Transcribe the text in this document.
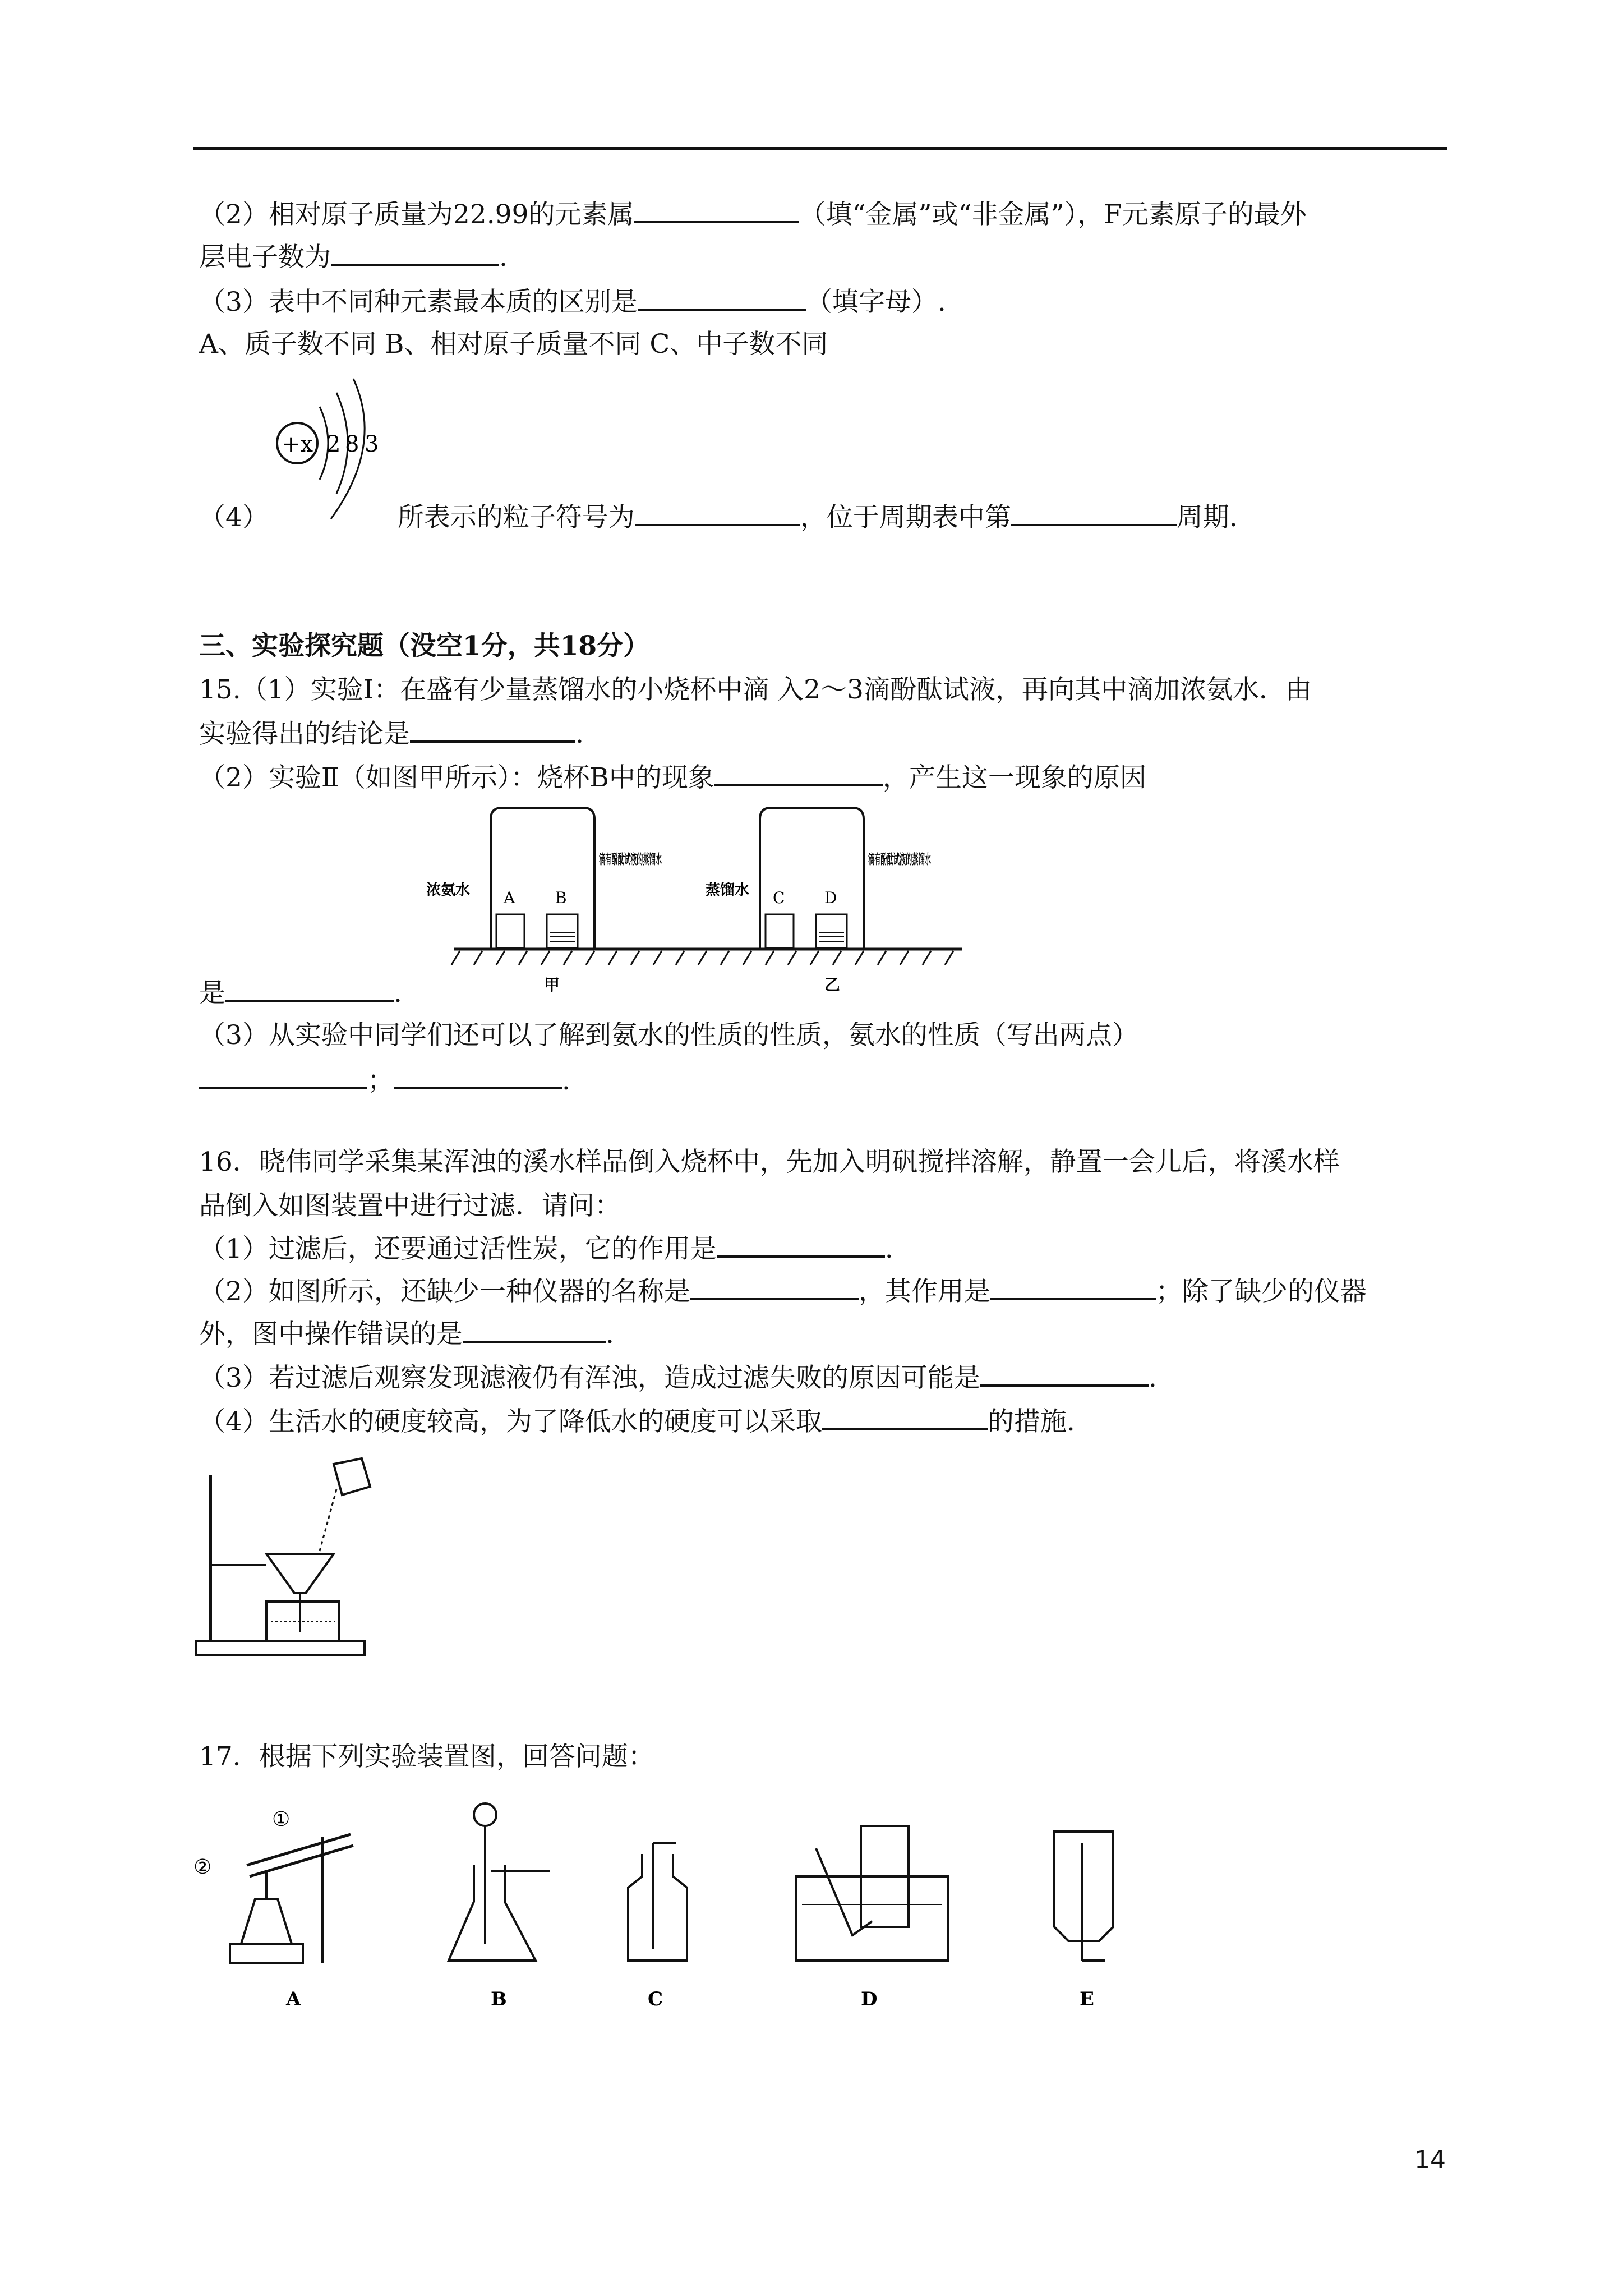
（2）相对原子质量为22.99的元素属	（填“金属”或“非金属”），F元素原子的最外
层电子数为	.
（3）表中不同种元素最本质的区别是	（填字母）.
A、质子数不同 B、相对原子质量不同 C、中子数不同
+x 2 8 3
（4）	所表示的粒子符号为	，位于周期表中第	周期.
三、实验探究题（没空1分，共18分）
15.（1）实验Ⅰ：在盛有少量蒸馏水的小烧杯中滴 入2～3滴酚酞试液，再向其中滴加浓氨水．由
实验得出的结论是	.
（2）实验Ⅱ（如图甲所示）：烧杯B中的现象	，产生这一现象的原因
A	B
浓氨水
滴有酚酞试液的蒸馏水
甲
C	D
蒸馏水
滴有酚酞试液的蒸馏水
乙
是	.
（3）从实验中同学们还可以了解到氨水的性质的性质，氨水的性质（写出两点）
；	.
16．晓伟同学采集某浑浊的溪水样品倒入烧杯中，先加入明矾搅拌溶解，静置一会儿后，将溪水样
品倒入如图装置中进行过滤．请问：
（1）过滤后，还要通过活性炭，它的作用是	.
（2）如图所示，还缺少一种仪器的名称是	，其作用是	；除了缺少的仪器
外，图中操作错误的是	.
（3）若过滤后观察发现滤液仍有浑浊，造成过滤失败的原因可能是	.
（4）生活水的硬度较高，为了降低水的硬度可以采取	的措施.
17．根据下列实验装置图，回答问题：
①
②
A	B	C	D	E
14
